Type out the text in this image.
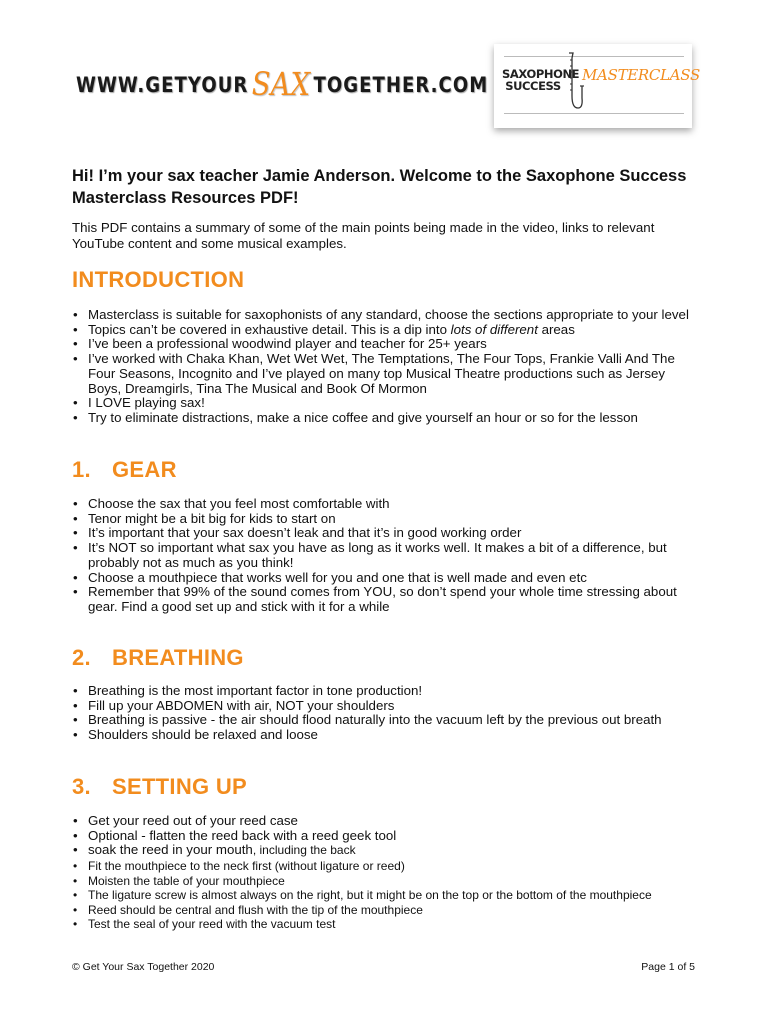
WWW.GETYOUR SAX TOGETHER.COM SAXOPHONE
SUCCESS
MASTERCLASS
Hi! I’m your sax teacher Jamie Anderson. Welcome to the Saxophone Success Masterclass Resources PDF!
This PDF contains a summary of some of the main points being made in the video, links to relevant YouTube content and some musical examples.
INTRODUCTION
• Masterclass is suitable for saxophonists of any standard, choose the sections appropriate to your level
• Topics can’t be covered in exhaustive detail. This is a dip into lots of different areas
• I’ve been a professional woodwind player and teacher for 25+ years
• I’ve worked with Chaka Khan, Wet Wet Wet, The Temptations, The Four Tops, Frankie Valli And The Four Seasons, Incognito and I’ve played on many top Musical Theatre productions such as Jersey Boys, Dreamgirls, Tina The Musical and Book Of Mormon
• I LOVE playing sax!
• Try to eliminate distractions, make a nice coffee and give yourself an hour or so for the lesson
1. GEAR
• Choose the sax that you feel most comfortable with
• Tenor might be a bit big for kids to start on
• It’s important that your sax doesn’t leak and that it’s in good working order
• It’s NOT so important what sax you have as long as it works well. It makes a bit of a difference, but probably not as much as you think!
• Choose a mouthpiece that works well for you and one that is well made and even etc
• Remember that 99% of the sound comes from YOU, so don’t spend your whole time stressing about gear. Find a good set up and stick with it for a while
2. BREATHING
• Breathing is the most important factor in tone production!
• Fill up your ABDOMEN with air, NOT your shoulders
• Breathing is passive - the air should flood naturally into the vacuum left by the previous out breath
• Shoulders should be relaxed and loose
3. SETTING UP
• Get your reed out of your reed case
• Optional - flatten the reed back with a reed geek tool
• soak the reed in your mouth, including the back
• Fit the mouthpiece to the neck first (without ligature or reed)
• Moisten the table of your mouthpiece
• The ligature screw is almost always on the right, but it might be on the top or the bottom of the mouthpiece
• Reed should be central and flush with the tip of the mouthpiece
• Test the seal of your reed with the vacuum test
© Get Your Sax Together 2020	Page 1 of 5
